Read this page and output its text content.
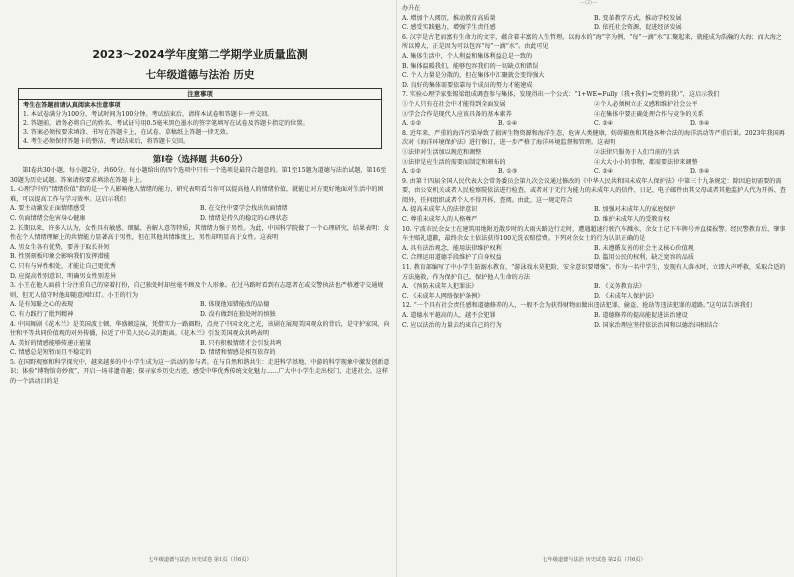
—(2)—
2023～2024学年度第二学期学业质量监测
七年级道德与法治 历史
注意事项
考生在答题前请认真阅读本注意事项
1. 本试卷满分为100分，考试时间为100分钟。考试结束后，请将本试卷和答题卡一并交回。
2. 答题前，请务必将自己的姓名、考试证号用0.5毫米黑色墨水的签字笔填写在试卷及答题卡指定的位置。
3. 答案必须按要求填涂、书写在答题卡上，在试卷、草稿纸上答题一律无效。
4. 考生必须保持答题卡的整洁，考试结束后，将答题卡交回。
第Ⅰ卷（选择题 共60分）
第Ⅰ卷共30小题，每小题2分，共60分。每小题给出的四个选项中只有一个选项是最符合题意的。第1至15题为道德与法治试题，第16至30题为历史试题。答案请按要求填涂在答题卡上。
1. 心理学中的“情绪价值”指的是一个人影响他人情绪的能力，研究表明看当你可以提高他人的情绪价值，就能让对方更好地面对生活中的困难，可以提高工作与学习效率。这启示我们
A. 要主动激发正面情绪感受	B. 在交往中要学会找出负面情绪
C. 负面情绪会危害身心健康	D. 情绪是持久的稳定的心理状态
2. 长期以来，许多人认为，女性具有敏感、细腻、善解人意等特质，其情绪力强于男性。为此，中国科学院做了一个心理研究，结果表明：女性在个人情绪理解上的共情能力显著高于男性，但在其他共情维度上，男性却明显高于女性。这表明
A. 男女生各有优势，要善于取长补短
B. 性别刻板印象会影响我们发挥潜能
C. 只有与异性相处，才能让自己更优秀
D. 应提高性别意识，明确男女性别差异
3. 小王在他人面前十分注重自己的穿着打扮，自己独处时却丝毫不顾及个人形象。在过马路时看到有志愿者在或交警执法也严格遵守交通规则，但无人值守时他却随意闯红灯。小王的行为
A. 是有知耻之心的表现	B. 体现他知错能改的品德
C. 有力践行了批判精神	D. 没有做到在独处时的慎独
4. 中国舞剧《花木兰》是美国波士顿、华盛顿巡演，凭借实力一路圈粉，点亮了中国文化之光，该剧在展现美国观众的背后，是守护家国、向往和平等共同价值观的对外传播，拉近了中美人民心灵的距离。《花木兰》引发美国观众共鸣表明
A. 美好的情感能够传递正能量	B. 只有积极情绪才会引发共鸣
C. 情感总是短暂而且不稳定的	D. 情绪和情感是相互依存的
5. 在国野观察和科学探究中，越来越多的中小学生成为这一活动的参与者。在与自然和谐共生：走进科学基地、中游的科学现象中激发创新意识；体验“博物馆奇妙夜”，开启一场非遗奇趣；探寻家乡历史古迹，感受中华优秀传统文化魅力……广大中小学生走出校门、走进社会。这样的一个活动目的是
七年级道德与法治 历史试卷 第1页（共6页）
办升在
A. 增加个人阅历，推动教育高质量	B. 变革教学方式，推动学校发展
C. 感受实践魅力，增强学生责任感	D. 依托社会资源，促进经济发展
6. 汉字是古老而富有生命力的文字，蕴含着丰富的人生哲理。以海水的“海”字为例，“每”一滴“水”汇聚起来，就能成为浩瀚的大海；而大海之所以博大，正是因为可以包容“每”一滴“水”。由此可见
A. 集体生活中，个人利益和集体利益总是一致的
B. 集体温暖我们，能够包容我们的一切缺点和错误
C. 个人力量是分散的，但在集体中汇聚就会变得强大
D. 良好的集体需要依靠每个成员的努力才能建成
7. 实验心理学家张锡梁组成调查参与集体，发现得出一个公式：“1+WE=Fully（我+我们=完整的我）”，这启示我们
①个人只有在社会中才能得到全面发展	②个人必须树立正义感和维护社会公平
③学会合作是现代人应该具备的基本素养	④在集体中要正确处理合作与竞争的关系
A. ①②	B. ①④	C. ②④	D. ③④
8. 近年来，严重的海洋污染导致了损害生物资源和海洋生态，危害人类健康，妨碍捕鱼和其他各种合法的海洋活动等严重后果。2023年我国再次对《海洋环境保护法》进行修订，进一步严格了海洋环境监督和管理。这表明
①法律对生活加以规范和调整	②法律只服务于人们当前的生活
③法律是应生活的需要而制定和颁布的	④大大小小的事物，都需要法律来调整
A. ①②	B. ①③	C. ②④	D. ③④
9. 由第十四届全国人民代表大会常务委员会第九次会议通过修改的《中华人民共和国未成年人保护法》中第三十九条规定：除因迫切需要的需要，由公安机关或者人民检察院依法进行检查，或者对于无行为能力的未成年人的信件、日记、电子邮件由其父母或者其他监护人代为开拆、查阅外，任何组织或者个人不得开拆、查阅。由此，这一规定符合
A. 提高未成年人的法律意识	B. 加强对未成年人的家庭保护
C. 尊重未成年人的人格尊严	D. 维护未成年人的受教育权
10. 宁波市民余女士在建筑用地附近散步时的大雨天路边行走时，遭遇超速行驶汽车溅水，余女士记下车牌号并直接报警。经民警教育后，肇事车主赔礼道歉，最终余女士依法获得100元洗衣赔偿费。下列对余女士的行为认识正确的是
A. 具有法治观念，能用法律维护权利	B. 未遵循友善的社会主义核心价值观
C. 合理运用道德手段维护了自身权益	D. 滥用公民的权利，缺乏宽容的品质
11. 教育部编写了中小学生防溺水教育，“游泳戏水莫犯险，安全意识要增强”。作为一名中学生，发现有人落水时，立即大声呼救，采取合适的方法施救，作为保护自己，保护他人生命的方法
A. 《预防未成年人犯罪法》	B. 《义务教育法》
C. 《未成年人网络保护条例》	D. 《未成年人保护法》
12. “一个具有社会责任感和道德修养的人，一般不会为获得财物而做出违法犯罪，偷盗、抢劫等违法犯罪的道路。”这句话告诉我们
A. 道德水平越高的人，越不会犯罪	B. 道德修养的提高能促进法治建设
C. 应以法治的力量去约束自己的行为	D. 国家治理应坚持依法治国和以德治国相结合
七年级道德与法治 历史试卷 第2页（共6页）
